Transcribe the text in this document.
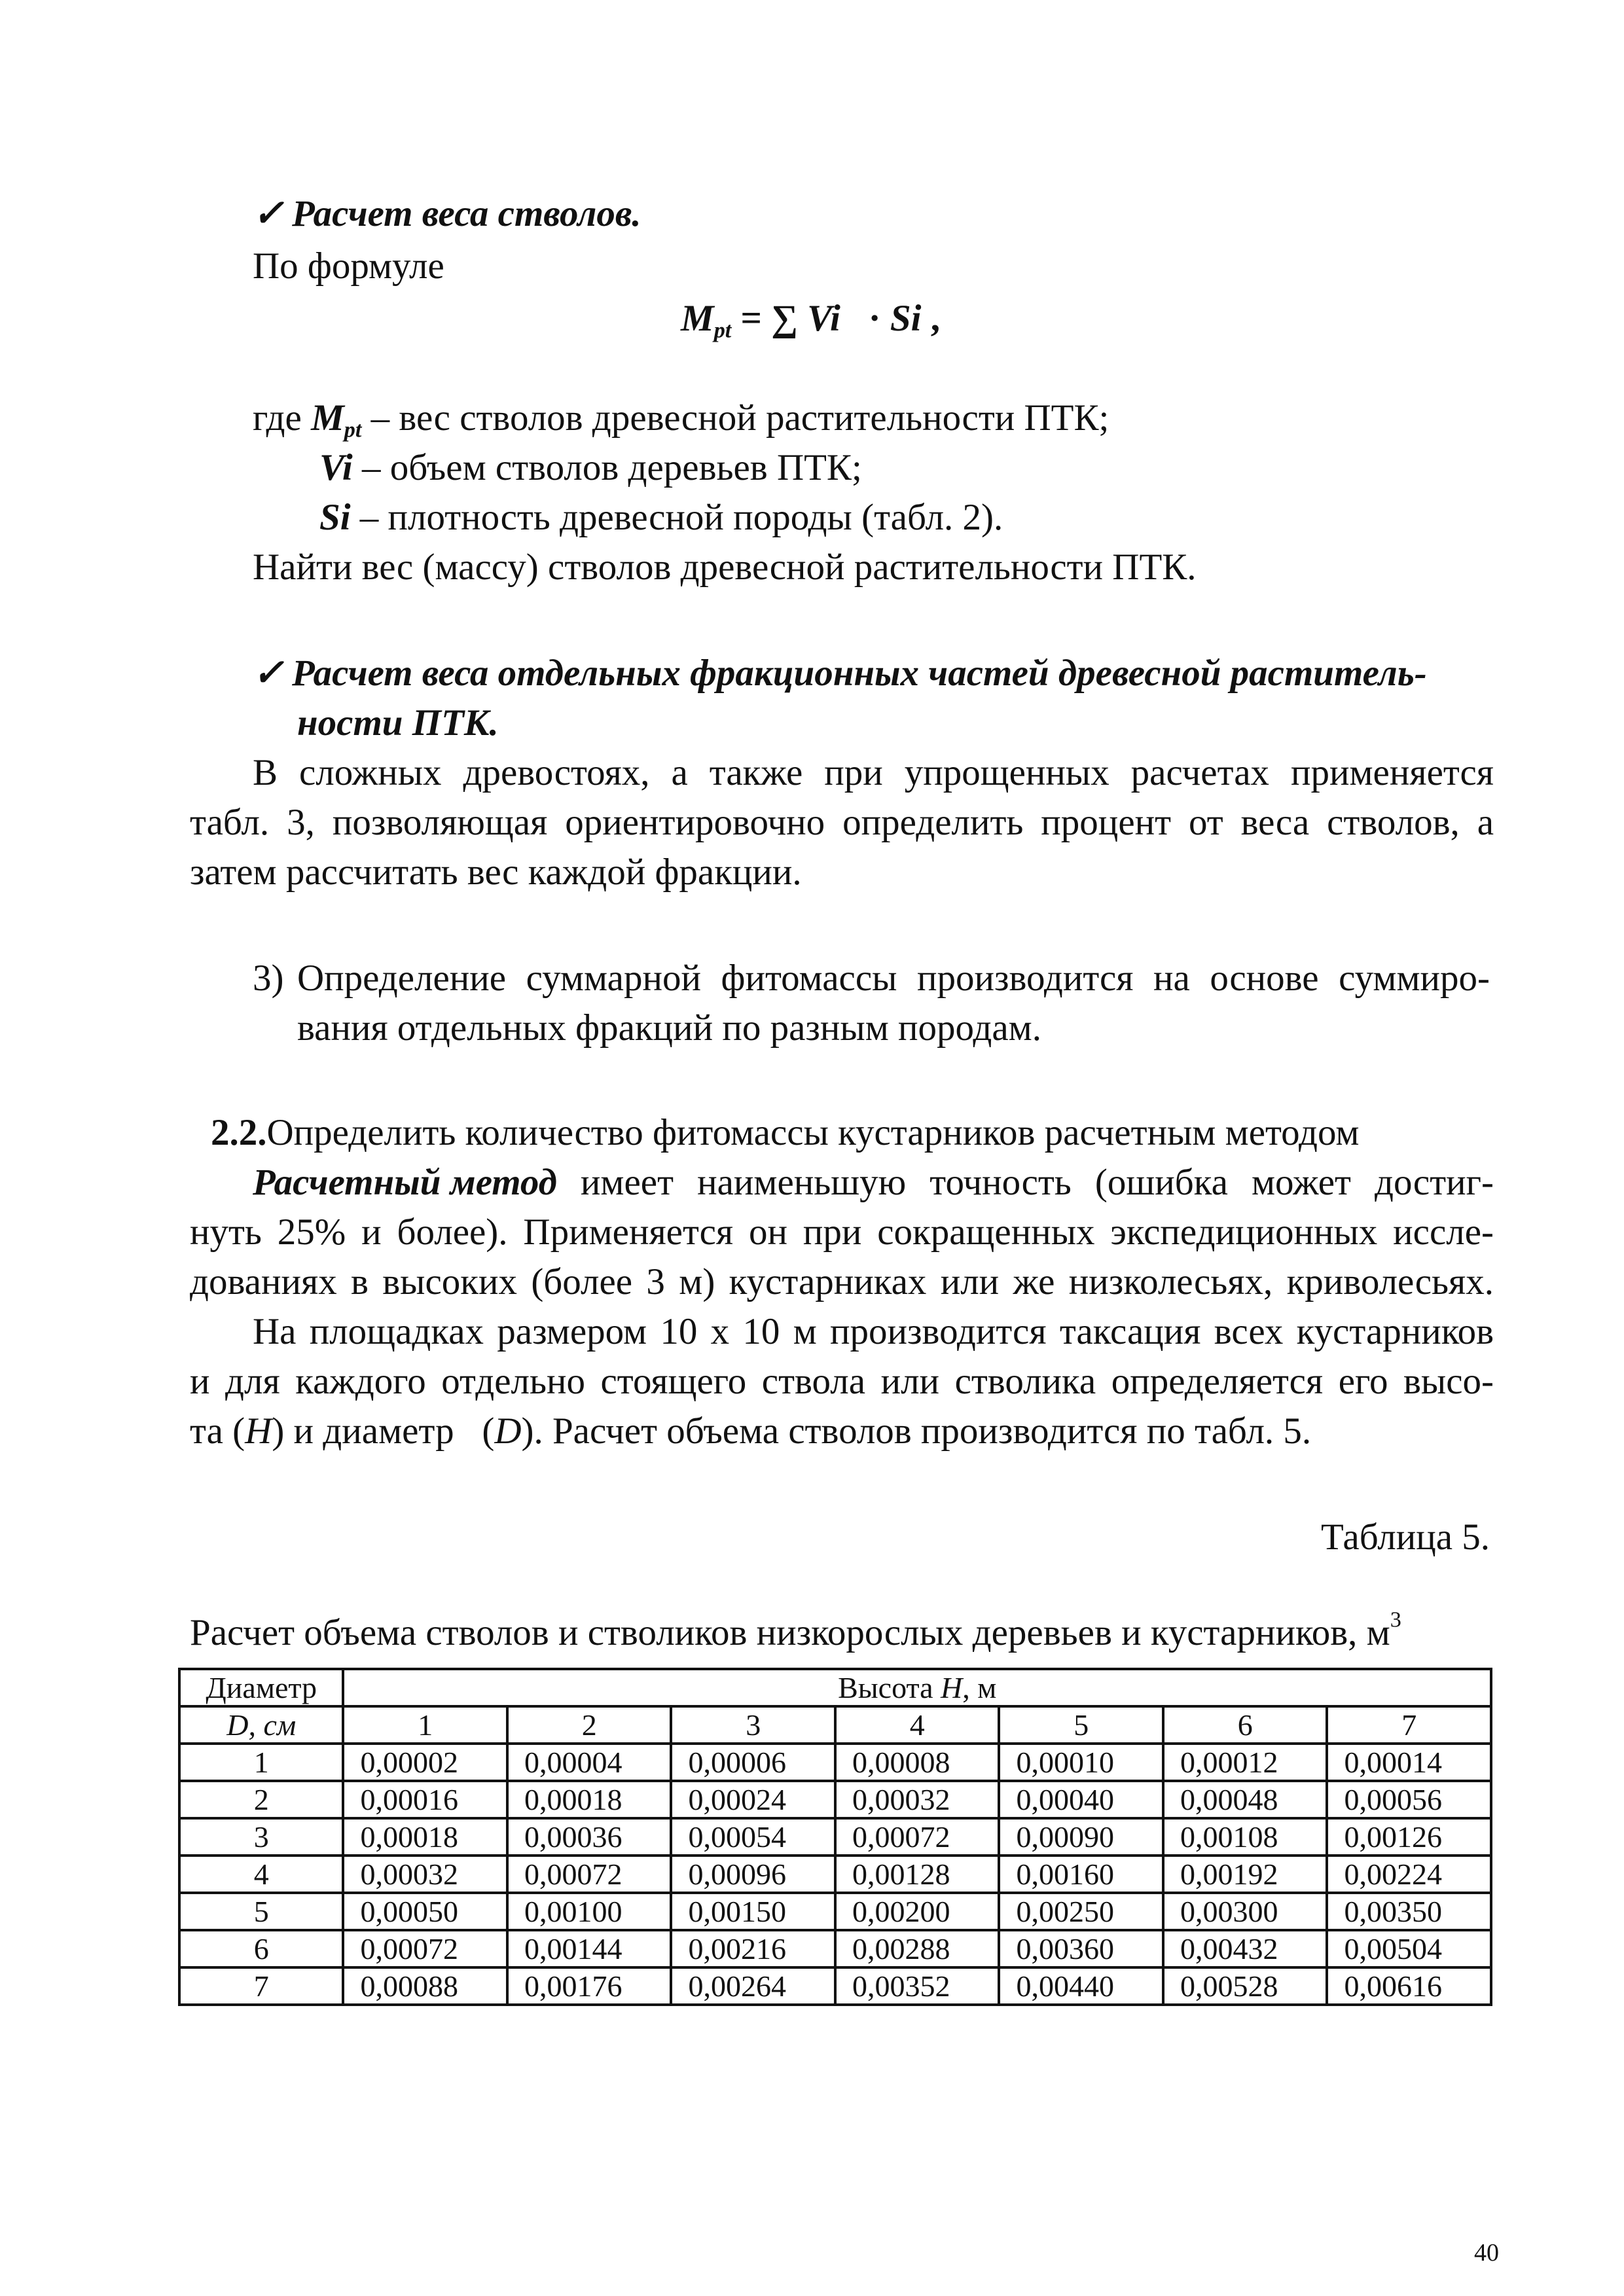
✓ Расчет веса стволов.
По формуле
$M_{pt}$ = ∑ Vi   · Si ,
где $M_{pt}$ – вес стволов древесной растительности ПТК;
Vi – объем стволов деревьев ПТК;
Si – плотность древесной породы (табл. 2).
Найти вес (массу) стволов древесной растительности ПТК.
✓ Расчет веса отдельных фракционных частей древесной раститель-
ности ПТК.
В сложных древостоях, а также при упрощенных расчетах применяется
табл. 3, позволяющая ориентировочно определить процент от веса стволов, а
затем рассчитать вес каждой фракции.
3) Определение суммарной фитомассы производится на основе суммиро-
вания отдельных фракций по разным породам.
2.2.Определить количество фитомассы кустарников расчетным методом
Расчетный метод имеет наименьшую точность (ошибка может достиг-
нуть 25% и более). Применяется он при сокращенных экспедиционных иссле-
дованиях в высоких (более 3 м) кустарниках или же низколесьях, криволесьях.
На площадках размером 10 х 10 м производится таксация всех кустарников
и для каждого отдельно стоящего ствола или стволика определяется его высо-
та (H) и диаметр   (D). Расчет объема стволов производится по табл. 5.
Таблица 5.
Расчет объема стволов и стволиков низкорослых деревьев и кустарников, $м^3$
Диаметр	Высота H, м						
D, см	1	2	3	4	5	6	7
1	0,00002	0,00004	0,00006	0,00008	0,00010	0,00012	0,00014
2	0,00016	0,00018	0,00024	0,00032	0,00040	0,00048	0,00056
3	0,00018	0,00036	0,00054	0,00072	0,00090	0,00108	0,00126
4	0,00032	0,00072	0,00096	0,00128	0,00160	0,00192	0,00224
5	0,00050	0,00100	0,00150	0,00200	0,00250	0,00300	0,00350
6	0,00072	0,00144	0,00216	0,00288	0,00360	0,00432	0,00504
7	0,00088	0,00176	0,00264	0,00352	0,00440	0,00528	0,00616
40
